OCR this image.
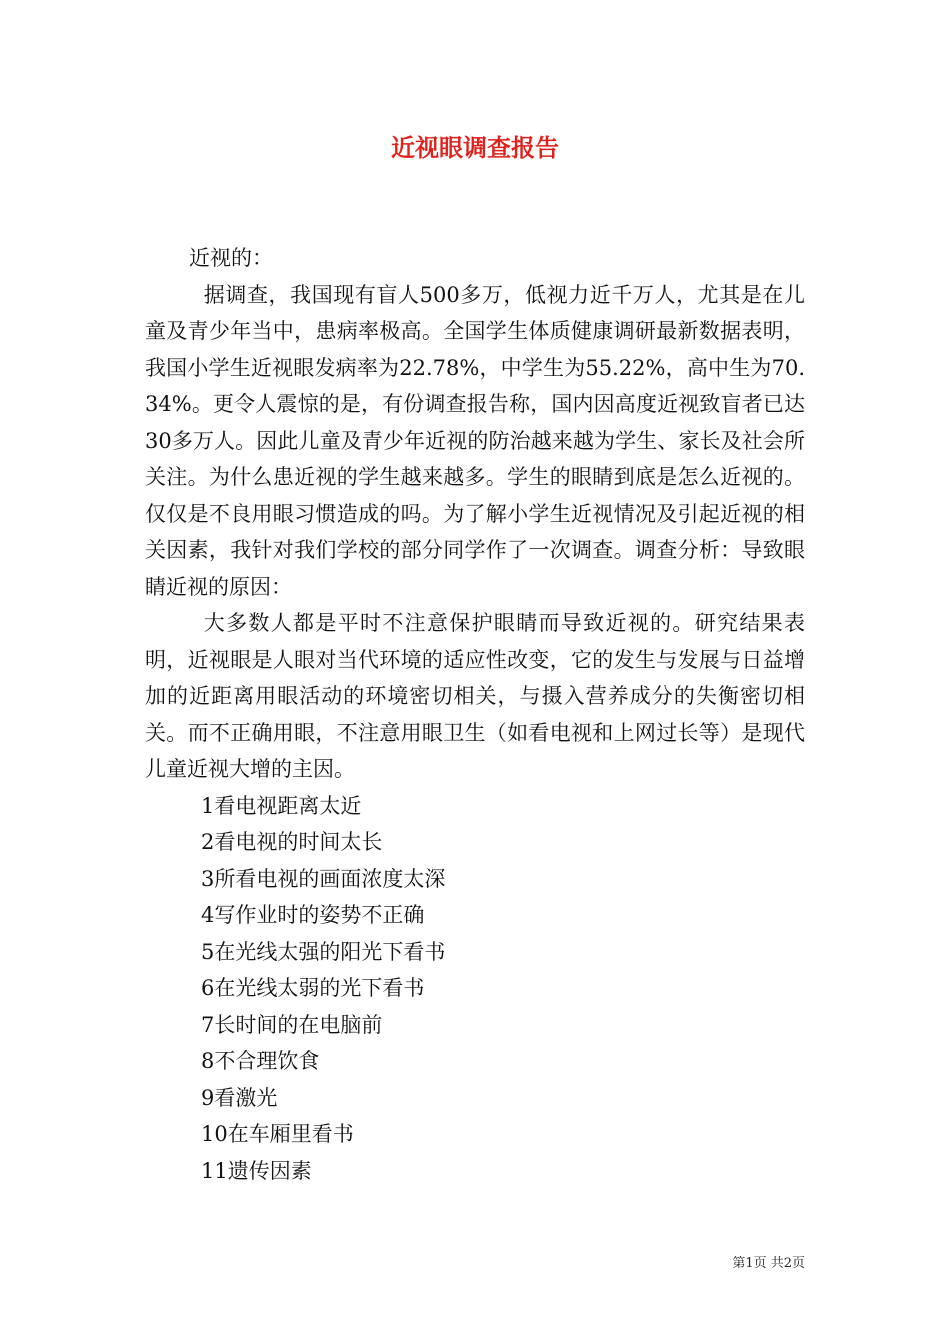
近视眼调查报告

近视的：

据调查，我国现有盲人500多万，低视力近千万人，尤其是在儿童及青少年当中，患病率极高。全国学生体质健康调研最新数据表明，我国小学生近视眼发病率为22.78%，中学生为55.22%，高中生为70.34%。更令人震惊的是，有份调查报告称，国内因高度近视致盲者已达30多万人。因此儿童及青少年近视的防治越来越为学生、家长及社会所关注。为什么患近视的学生越来越多。学生的眼睛到底是怎么近视的。仅仅是不良用眼习惯造成的吗。为了解小学生近视情况及引起近视的相关因素，我针对我们学校的部分同学作了一次调查。调查分析：导致眼睛近视的原因：

大多数人都是平时不注意保护眼睛而导致近视的。研究结果表明，近视眼是人眼对当代环境的适应性改变，它的发生与发展与日益增加的近距离用眼活动的环境密切相关，与摄入营养成分的失衡密切相关。而不正确用眼，不注意用眼卫生（如看电视和上网过长等）是现代儿童近视大增的主因。

1看电视距离太近
2看电视的时间太长
3所看电视的画面浓度太深
4写作业时的姿势不正确
5在光线太强的阳光下看书
6在光线太弱的光下看书
7长时间的在电脑前
8不合理饮食
9看激光
10在车厢里看书
11遗传因素
第1页 共2页
